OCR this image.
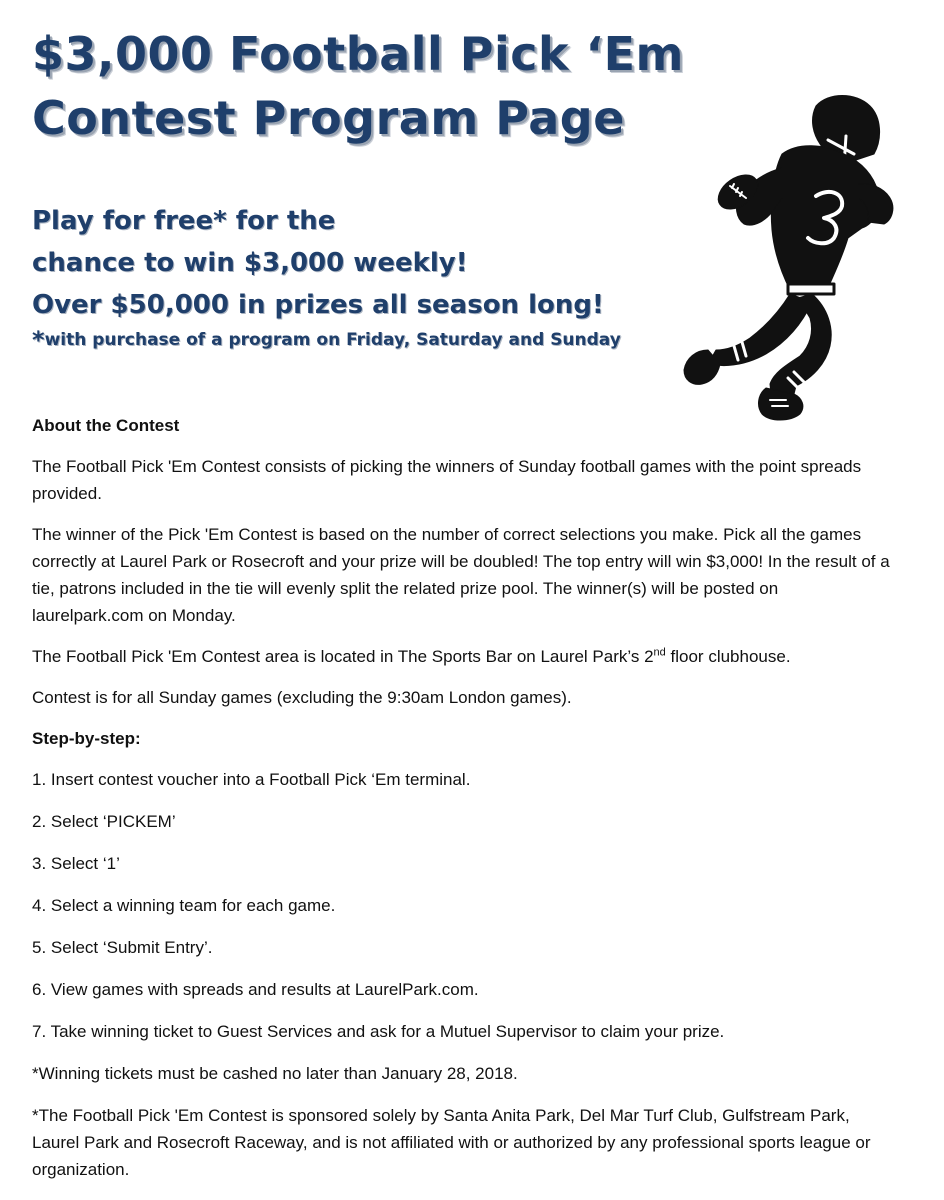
$3,000 Football Pick ‘Em
Contest Program Page
Play for free* for the
chance to win $3,000 weekly!
Over $50,000 in prizes all season long!
*with purchase of a program on Friday, Saturday and Sunday

About the Contest

The Football Pick 'Em Contest consists of picking the winners of Sunday football games with the point spreads provided.

The winner of the Pick 'Em Contest is based on the number of correct selections you make. Pick all the games correctly at Laurel Park or Rosecroft and your prize will be doubled! The top entry will win $3,000! In the result of a tie, patrons included in the tie will evenly split the related prize pool. The winner(s) will be posted on laurelpark.com on Monday.

The Football Pick 'Em Contest area is located in The Sports Bar on Laurel Park’s 2nd floor clubhouse.

Contest is for all Sunday games (excluding the 9:30am London games).

Step-by-step:

1. Insert contest voucher into a Football Pick ‘Em terminal.

2. Select ‘PICKEM’

3. Select ‘1’

4. Select a winning team for each game.

5. Select ‘Submit Entry’.

6. View games with spreads and results at LaurelPark.com.

7. Take winning ticket to Guest Services and ask for a Mutuel Supervisor to claim your prize.

*Winning tickets must be cashed no later than January 28, 2018.

*The Football Pick 'Em Contest is sponsored solely by Santa Anita Park, Del Mar Turf Club, Gulfstream Park, Laurel Park and Rosecroft Raceway, and is not affiliated with or authorized by any professional sports league or organization.
